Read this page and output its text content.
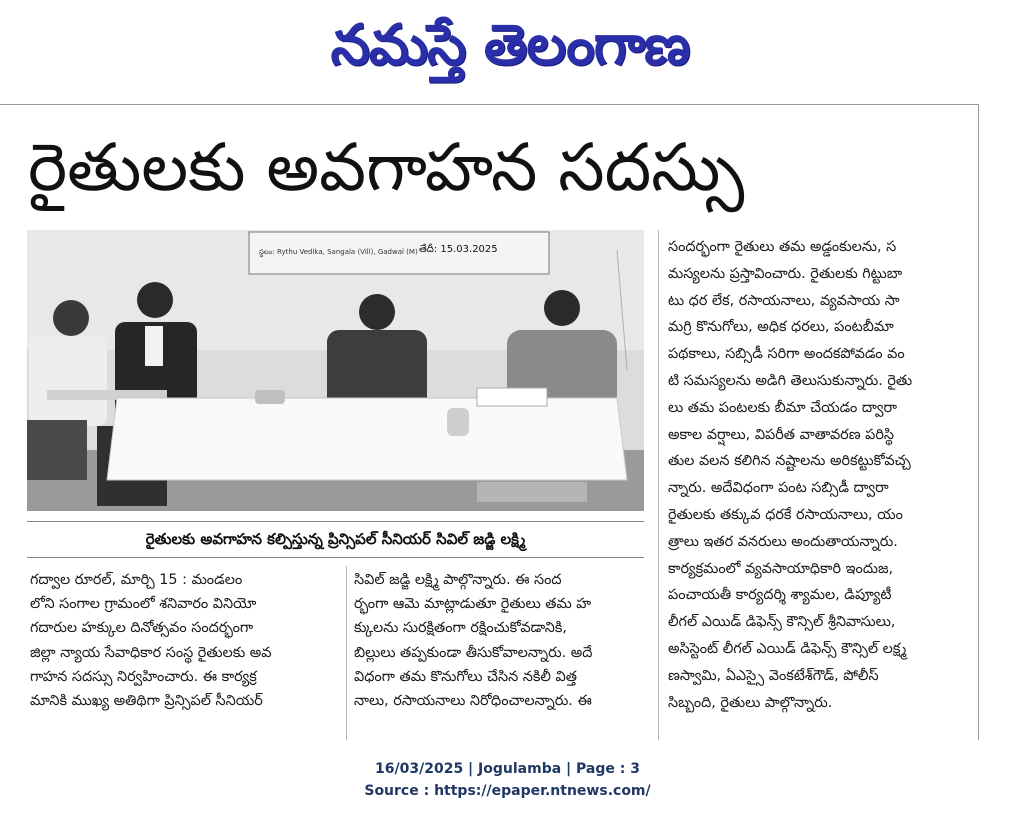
నమస్తే తెలంగాణ
రైతులకు అవగాహన సదస్సు
స్థలం: Rythu Vedika, Sangala (Vill), Gadwal (M) తేదీ: 15.03.2025
రైతులకు అవగాహన కల్పిస్తున్న ప్రిన్సిపల్ సీనియర్ సివిల్ జడ్జి లక్ష్మి

గద్వాల రూరల్, మార్చి 15 : మండలం

లోని సంగాల గ్రామంలో శనివారం వినియో

గదారుల హక్కుల దినోత్సవం సందర్భంగా

జిల్లా న్యాయ సేవాధికార సంస్థ రైతులకు అవ

గాహన సదస్సు నిర్వహించారు. ఈ కార్యక్ర

మానికి ముఖ్య అతిథిగా ప్రిన్సిపల్ సీనియర్

సివిల్ జడ్జి లక్ష్మి పాల్గొన్నారు. ఈ సంద

ర్భంగా ఆమె మాట్లాడుతూ రైతులు తమ హ

క్కులను సురక్షితంగా రక్షించుకోవడానికి,

బిల్లులు తప్పకుండా తీసుకోవాలన్నారు. అదే

విధంగా తమ కొనుగోలు చేసిన నకిలీ విత్త

నాలు, రసాయనాలు నిరోధించాలన్నారు. ఈ

సందర్భంగా రైతులు తమ అడ్డంకులను, స

మస్యలను ప్రస్తావించారు. రైతులకు గిట్టుబా

టు ధర లేక, రసాయనాలు, వ్యవసాయ సా

మగ్రి కొనుగోలు, అధిక ధరలు, పంటబీమా

పథకాలు, సబ్సిడీ సరిగా అందకపోవడం వం

టి సమస్యలను అడిగి తెలుసుకున్నారు. రైతు

లు తమ పంటలకు బీమా చేయడం ద్వారా

అకాల వర్షాలు, విపరీత వాతావరణ పరిస్థి

తుల వలన కలిగిన నష్టాలను అరికట్టుకోవచ్చ

న్నారు. అదేవిధంగా పంట సబ్సిడీ ద్వారా

రైతులకు తక్కువ ధరకే రసాయనాలు, యం

త్రాలు ఇతర వనరులు అందుతాయన్నారు.

కార్యక్రమంలో వ్యవసాయాధికారి ఇందుజ,

పంచాయతీ కార్యదర్శి శ్యామల, డిప్యూటీ

లీగల్ ఎయిడ్ డిఫెన్స్ కౌన్సిల్ శ్రీనివాసులు,

అసిస్టెంట్ లీగల్ ఎయిడ్ డిఫెన్స్ కౌన్సిల్ లక్ష్మ

ణస్వామి, ఏఎస్సై వెంకటేశ్‌గౌడ్, పోలీస్

సిబ్బంది, రైతులు పాల్గొన్నారు.

16/03/2025 | Jogulamba | Page : 3
Source : https://epaper.ntnews.com/
